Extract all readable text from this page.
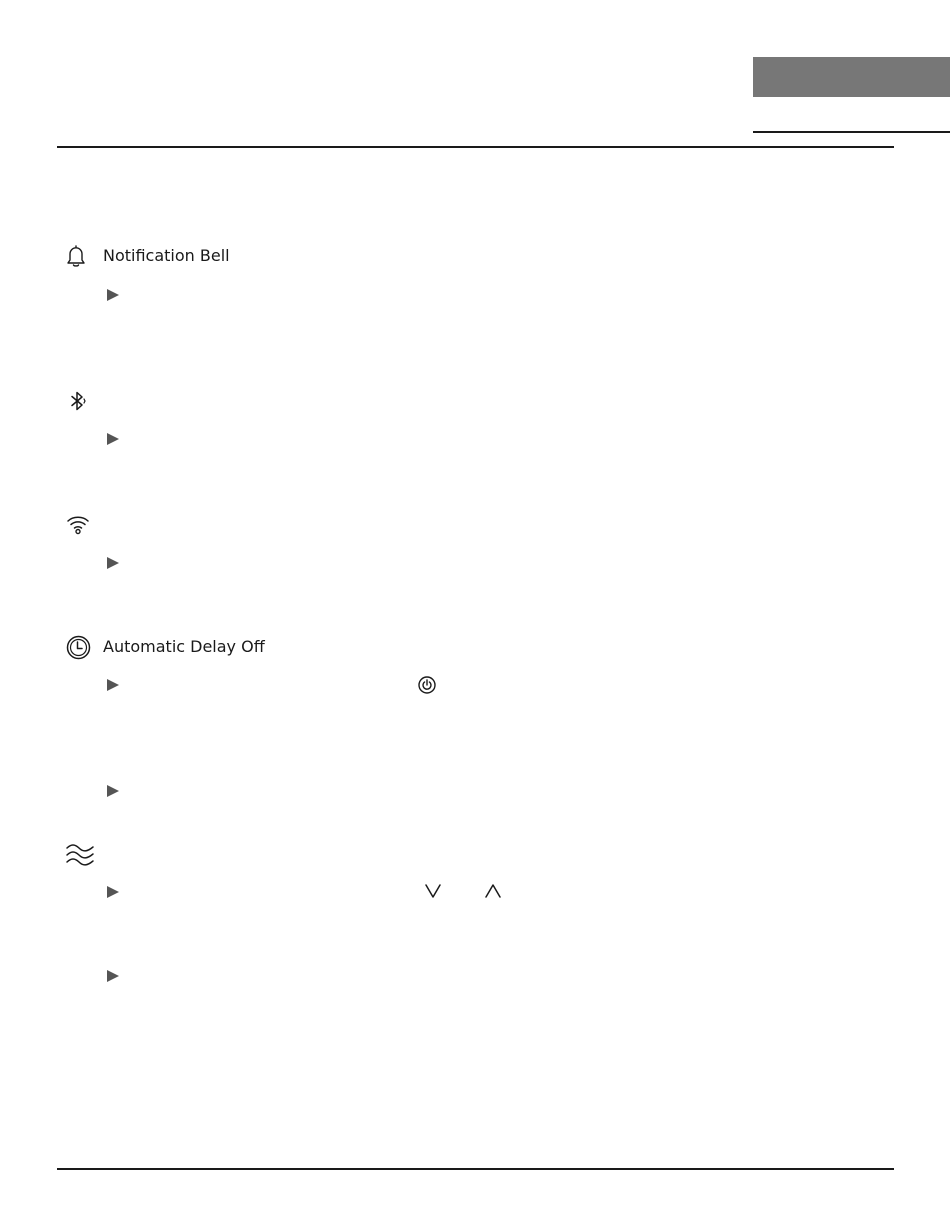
Notification Bell
Automatic Delay Off
